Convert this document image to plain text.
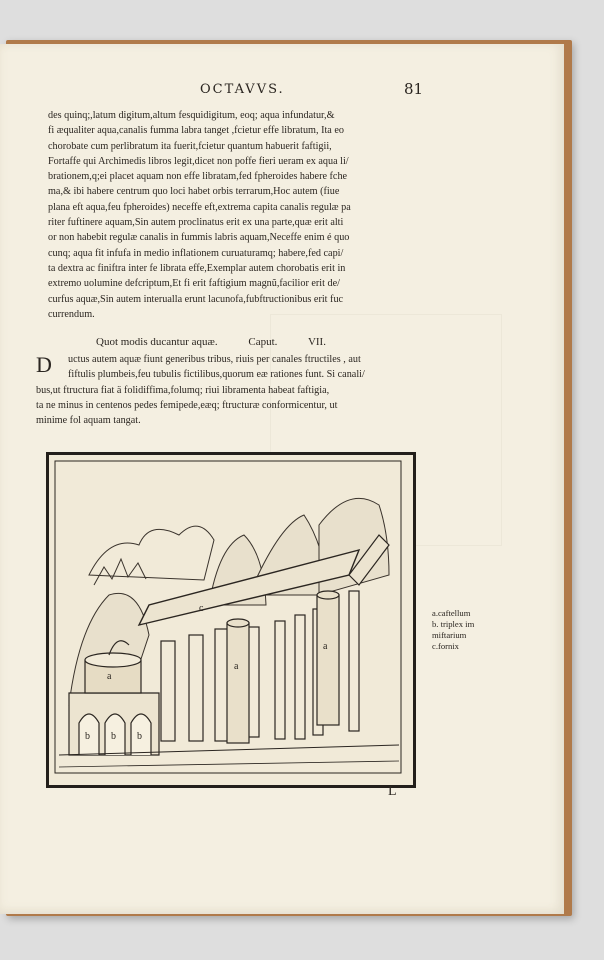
OCTAVVS.	81
des quinq;,latum digitum,altum fesquidigitum, eoq; aqua infundatur,&
fi æqualiter aqua,canalis fumma labra tanget ,fcietur effe libratum, Ita eo
chorobate cum perlibratum ita fuerit,fcietur quantum habuerit faftigii,
Fortaffe qui Archimedis libros legit,dicet non poffe fieri ueram ex aqua li/
brationem,q;ei placet aquam non effe libratam,fed fpheroides habere fche
ma,& ibi habere centrum quo loci habet orbis terrarum,Hoc autem (fiue
plana eft aqua,feu fpheroides) neceffe eft,extrema capita canalis regulæ pa
riter fuftinere aquam,Sin autem proclinatus erit ex una parte,quæ erit alti
or non habebit regulæ canalis in fummis labris aquam,Neceffe enim é quo
cunq; aqua fit infufa in medio inflationem curuaturamq; habere,fed capi/
ta dextra ac finiftra inter fe librata effe,Exemplar autem chorobatis erit in
extremo uolumine defcriptum,Et fi erit faftigium magnũ,facilior erit de/
curfus aquæ,Sin autem interualla erunt lacunofa,fubftructionibus erit fuc
currendum.
Quot modis ducantur aquæ.	Caput.	VII.
D	uctus autem aquæ fiunt generibus tribus, riuis per canales ftructiles , aut
fiftulis plumbeis,feu tubulis fictilibus,quorum eæ rationes funt. Si canali/
bus,ut ftructura fiat ä folidiffima,folumq; riui libramenta habeat faftigia,
ta ne minus in centenos pedes femipede,eæq; ftructuræ conformicentur, ut
minime fol aquam tangat.
a
a
a
b b b
c
L
a.caftellum
b. triplex im
miftarium
c.fornix
